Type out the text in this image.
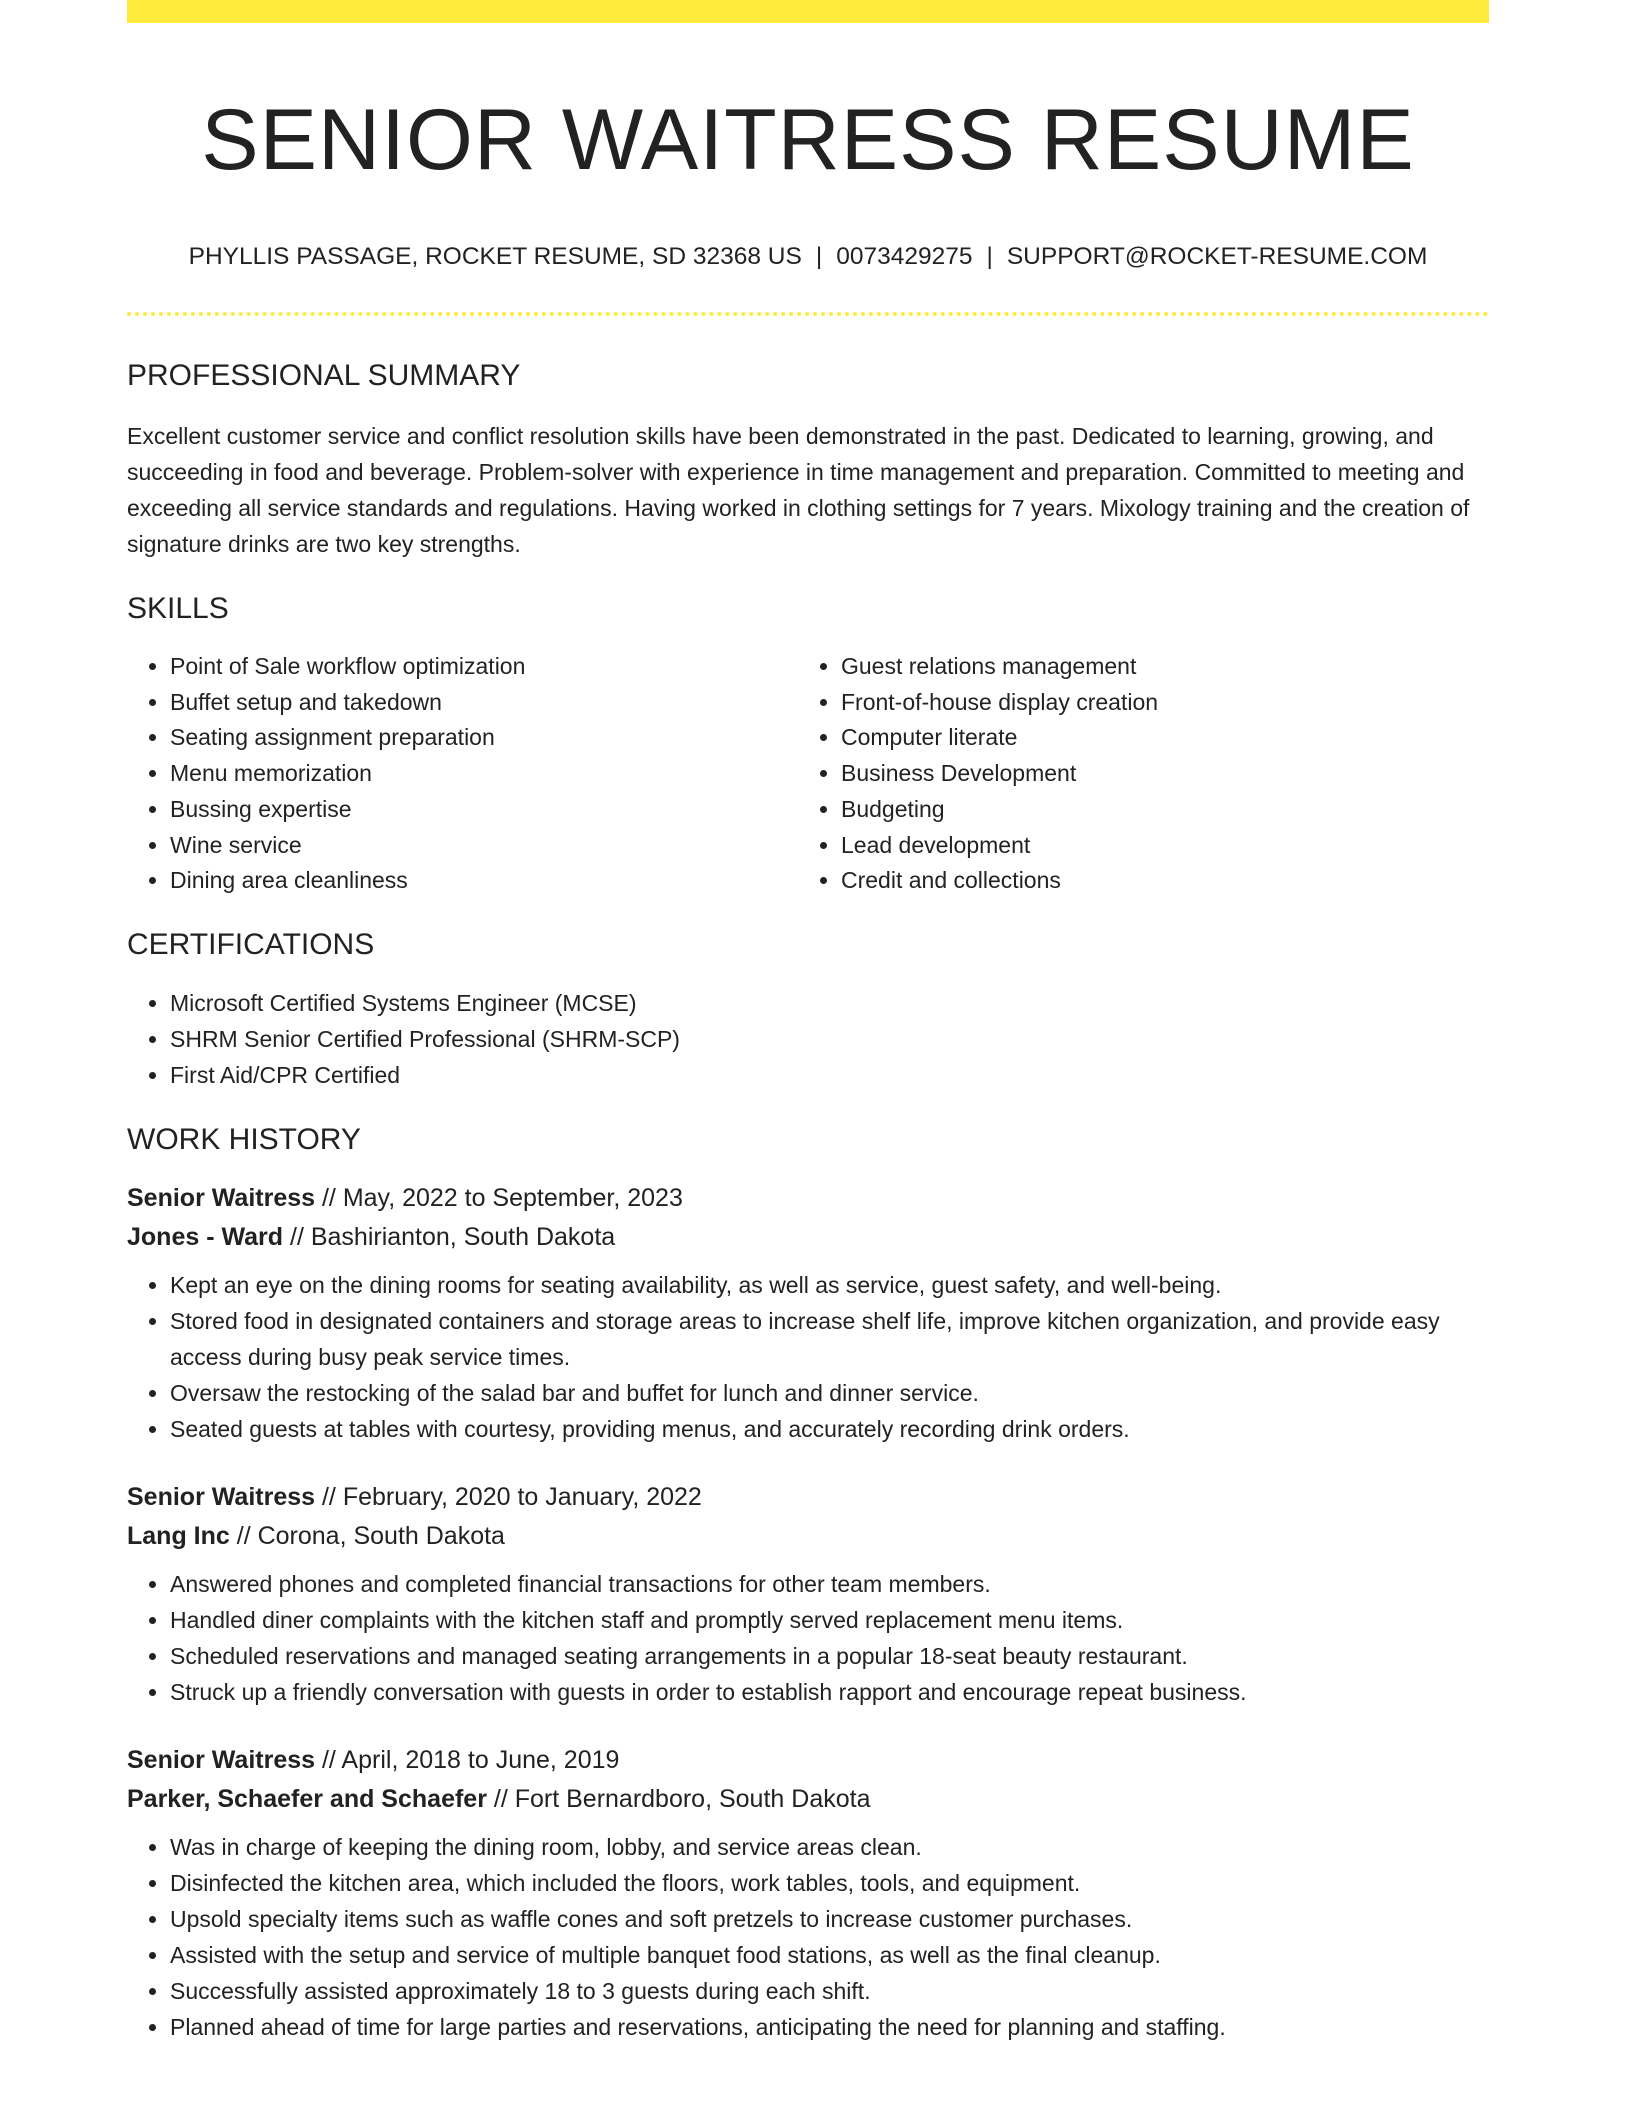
SENIOR WAITRESS RESUME
PHYLLIS PASSAGE, ROCKET RESUME, SD 32368 US | 0073429275 | SUPPORT@ROCKET-RESUME.COM
PROFESSIONAL SUMMARY

Excellent customer service and conflict resolution skills have been demonstrated in the past. Dedicated to learning, growing, and succeeding in food and beverage. Problem-solver with experience in time management and preparation. Committed to meeting and exceeding all service standards and regulations. Having worked in clothing settings for 7 years. Mixology training and the creation of signature drinks are two key strengths.

SKILLS
• Point of Sale workflow optimization
• Buffet setup and takedown
• Seating assignment preparation
• Menu memorization
• Bussing expertise
• Wine service
• Dining area cleanliness
• Guest relations management
• Front-of-house display creation
• Computer literate
• Business Development
• Budgeting
• Lead development
• Credit and collections
CERTIFICATIONS
• Microsoft Certified Systems Engineer (MCSE)
• SHRM Senior Certified Professional (SHRM-SCP)
• First Aid/CPR Certified
WORK HISTORY
Senior Waitress // May, 2022 to September, 2023
Jones - Ward // Bashirianton, South Dakota
• Kept an eye on the dining rooms for seating availability, as well as service, guest safety, and well-being.
• Stored food in designated containers and storage areas to increase shelf life, improve kitchen organization, and provide easy access during busy peak service times.
• Oversaw the restocking of the salad bar and buffet for lunch and dinner service.
• Seated guests at tables with courtesy, providing menus, and accurately recording drink orders.
Senior Waitress // February, 2020 to January, 2022
Lang Inc // Corona, South Dakota
• Answered phones and completed financial transactions for other team members.
• Handled diner complaints with the kitchen staff and promptly served replacement menu items.
• Scheduled reservations and managed seating arrangements in a popular 18-seat beauty restaurant.
• Struck up a friendly conversation with guests in order to establish rapport and encourage repeat business.
Senior Waitress // April, 2018 to June, 2019
Parker, Schaefer and Schaefer // Fort Bernardboro, South Dakota
• Was in charge of keeping the dining room, lobby, and service areas clean.
• Disinfected the kitchen area, which included the floors, work tables, tools, and equipment.
• Upsold specialty items such as waffle cones and soft pretzels to increase customer purchases.
• Assisted with the setup and service of multiple banquet food stations, as well as the final cleanup.
• Successfully assisted approximately 18 to 3 guests during each shift.
• Planned ahead of time for large parties and reservations, anticipating the need for planning and staffing.
